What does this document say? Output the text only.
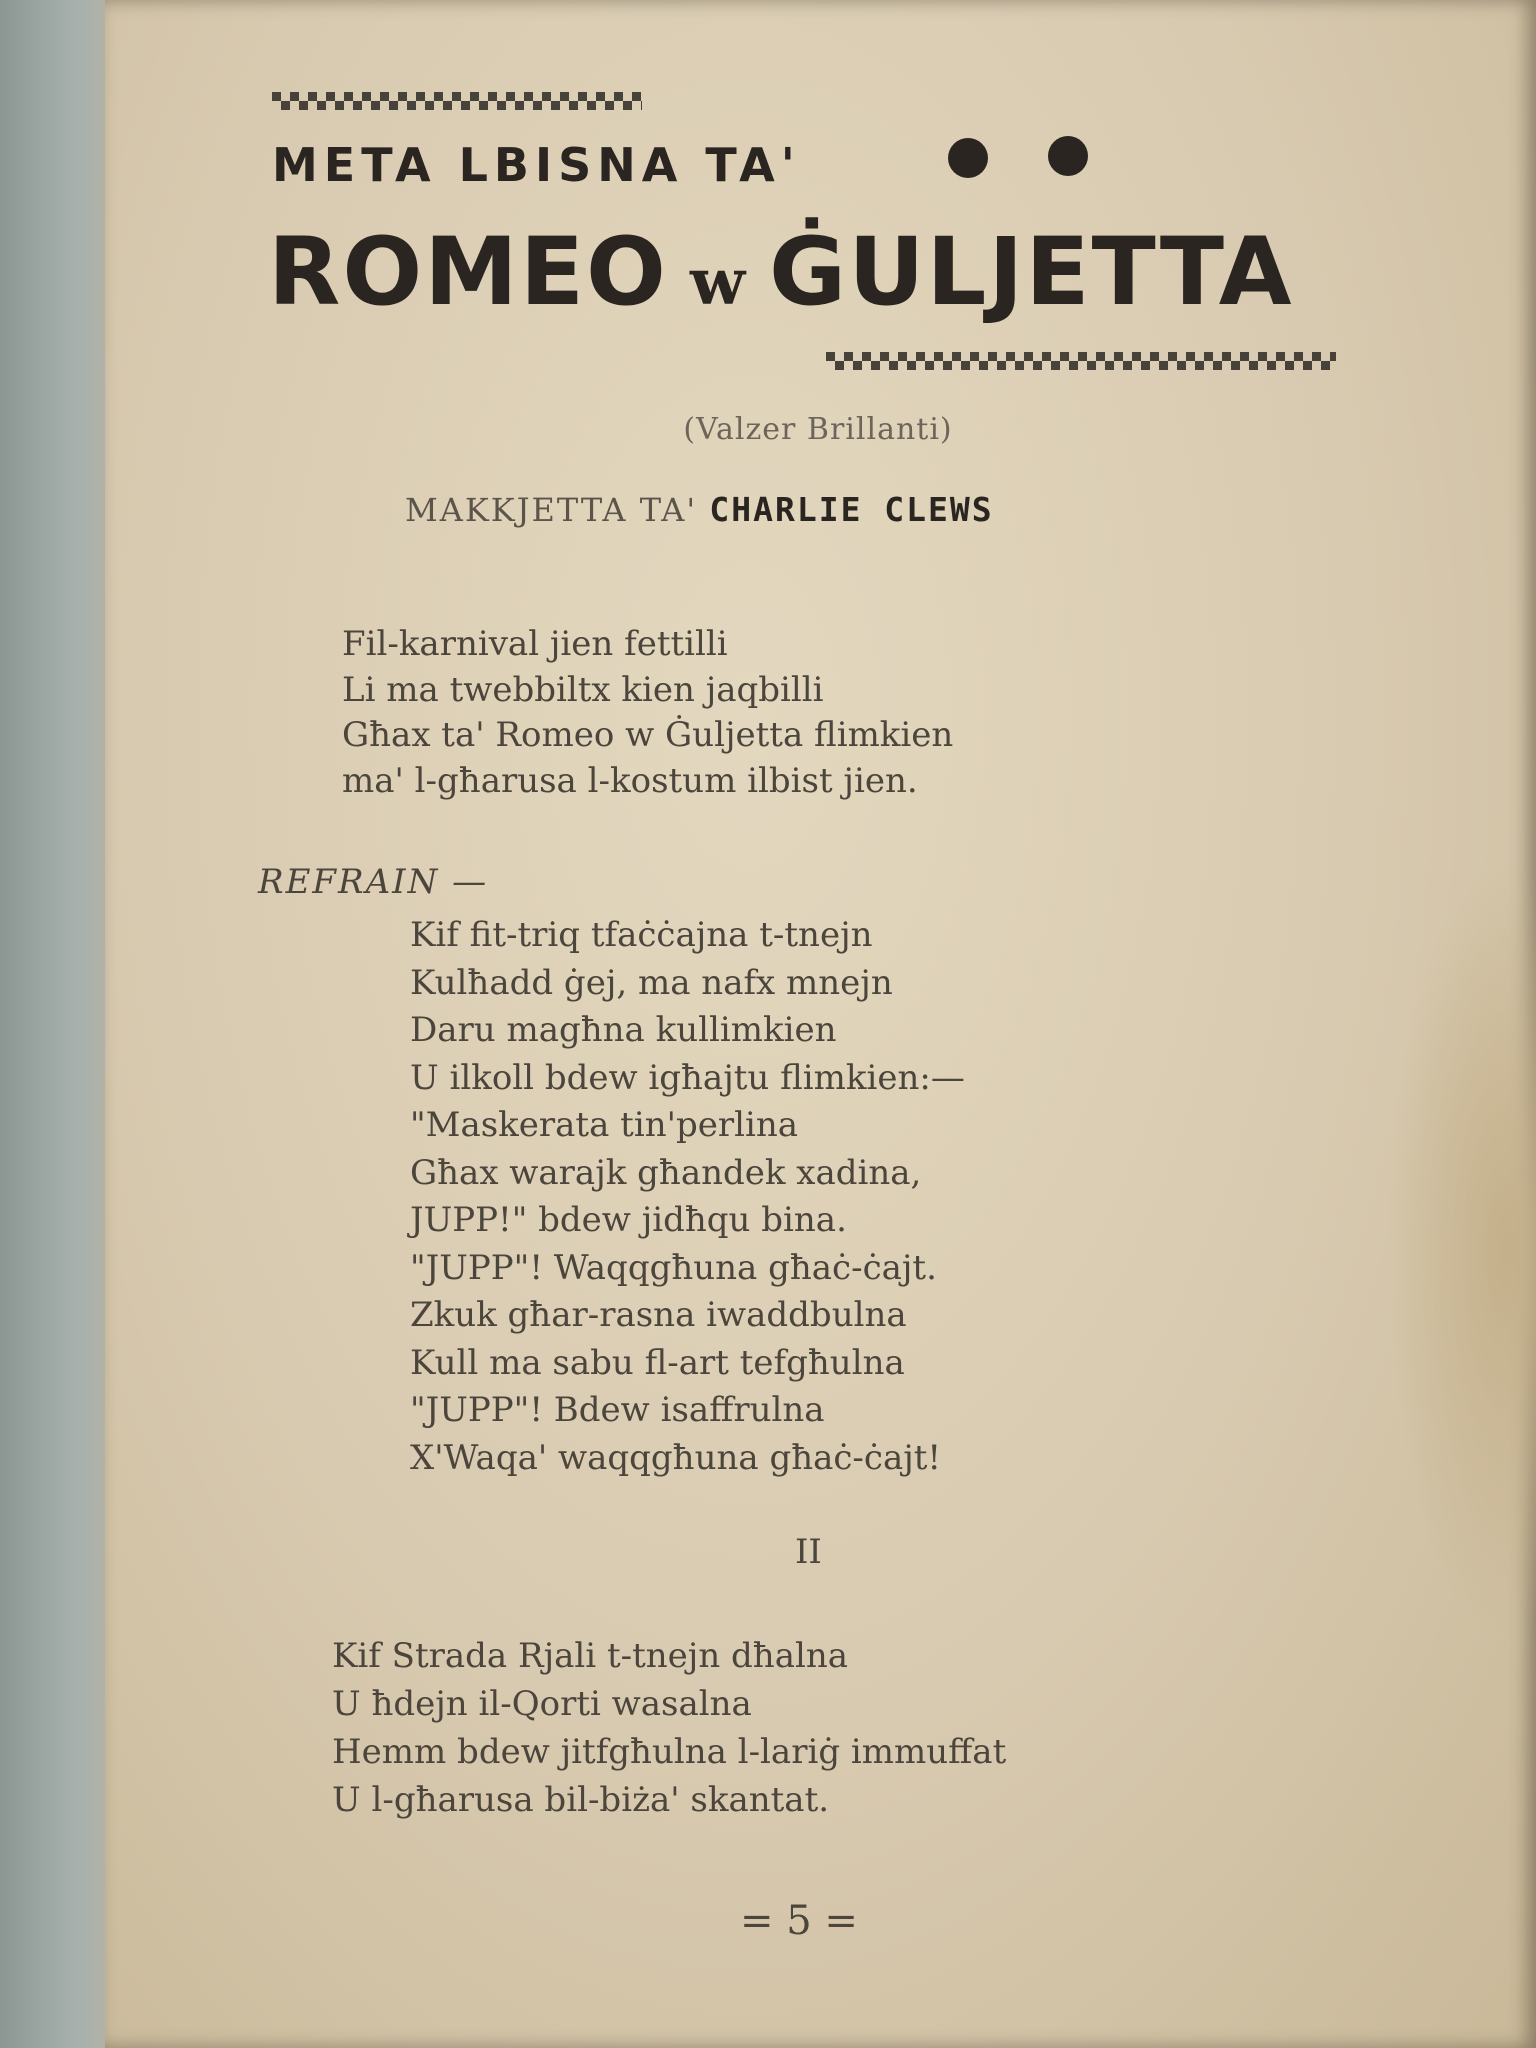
META LBISNA TA'
ROMEO w ĠULJETTA
(Valzer Brillanti)
MAKKJETTA TA' CHARLIE CLEWS
Fil-karnival jien fettilli
Li ma twebbiltx kien jaqbilli
Għax ta' Romeo w Ġuljetta flimkien
ma' l-għarusa l-kostum ilbist jien.
REFRAIN —
Kif fit-triq tfaċċajna t-tnejn
Kulħadd ġej, ma nafx mnejn
Daru magħna kullimkien
U ilkoll bdew igħajtu flimkien:—
"Maskerata tin'perlina
Għax warajk għandek xadina,
JUPP!" bdew jidħqu bina.
"JUPP"! Waqqgħuna għaċ-ċajt.
Zkuk għar-rasna iwaddbulna
Kull ma sabu fl-art tefgħulna
"JUPP"! Bdew isaffrulna
X'Waqa' waqqgħuna għaċ-ċajt!
II
Kif Strada Rjali t-tnejn dħalna
U ħdejn il-Qorti wasalna
Hemm bdew jitfgħulna l-lariġ immuffat
U l-għarusa bil-biża' skantat.
= 5 =
